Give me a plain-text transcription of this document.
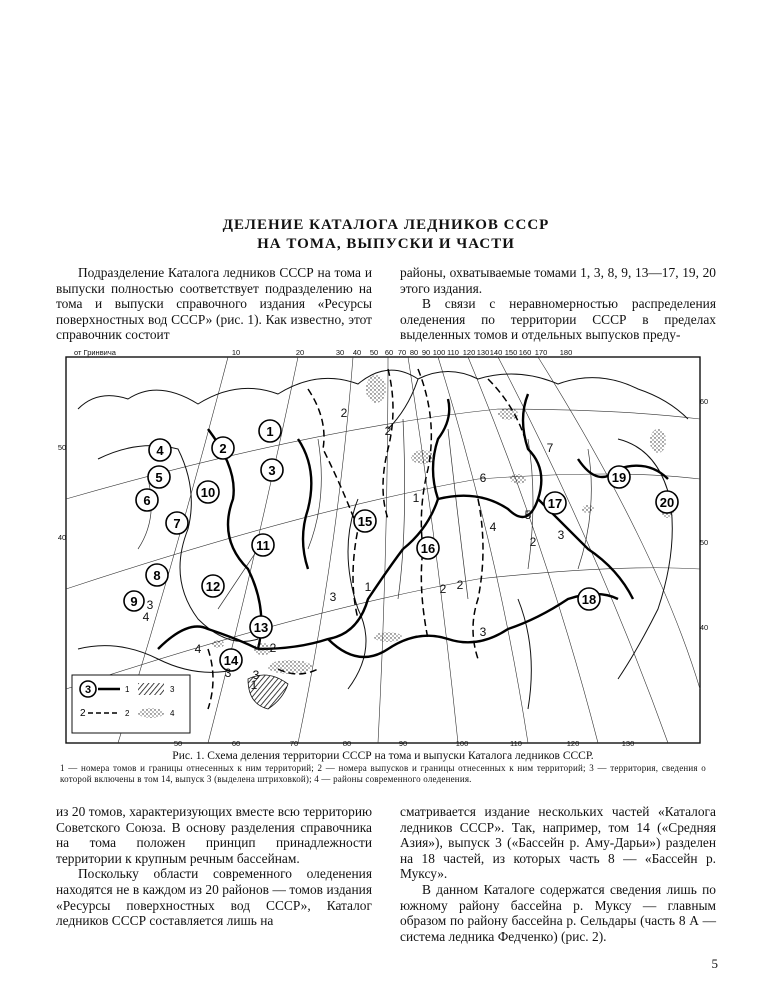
ДЕЛЕНИЕ КАТАЛОГА ЛЕДНИКОВ СССР
НА ТОМА, ВЫПУСКИ И ЧАСТИ

Подразделение Каталога ледников СССР на тома и выпуски полностью соответствует подразделению на тома и выпуски справочного издания «Ресурсы поверхностных вод СССР» (рис. 1). Как известно, этот справочник состоит

районы, охватываемые томами 1, 3, 8, 9, 13—17, 19, 20 этого издания.

В связи с неравномерностью распределения оледенения по территории СССР в пределах выделенных томов и отдельных выпусков преду-

1
2
3
4
5
6
7
8
9
10
11
12
13
14
15
16
17
18
19
20
2
1
6
7
4
5
3
2
3
1	2
3
2
3
4
3
2
3
4
1
2
от Гринвича	10	20	30 40 50 60 70 80 90 100 110 120 130 140 150 160 170 180
50	60	70	80	90	100	110	120	130
50
40
60
50
40
3	1
2	2
3
4
Рис. 1. Схема деления территории СССР на тома и выпуски Каталога ледников СССР.
1 — номера томов и границы отнесенных к ним территорий; 2 — номера выпусков и границы отнесенных к ним территорий; 3 — территория, сведения о которой включены в том 14, выпуск 3 (выделена штриховкой); 4 — районы современного оледенения.

из 20 томов, характеризующих вместе всю территорию Советского Союза. В основу разделения справочника на тома положен принцип принадлежности территории к крупным речным бассейнам.

Поскольку области современного оледенения находятся не в каждом из 20 районов — томов издания «Ресурсы поверхностных вод СССР», Каталог ледников СССР составляется лишь на

сматривается издание нескольких частей «Каталога ледников СССР». Так, например, том 14 («Средняя Азия»), выпуск 3 («Бассейн р. Аму-Дарьи») разделен на 18 частей, из которых часть 8 — «Бассейн р. Муксу».

В данном Каталоге содержатся сведения лишь по южному району бассейна р. Муксу — главным образом по району бассейна р. Сельдары (часть 8 А — система ледника Федченко) (рис. 2).

5
